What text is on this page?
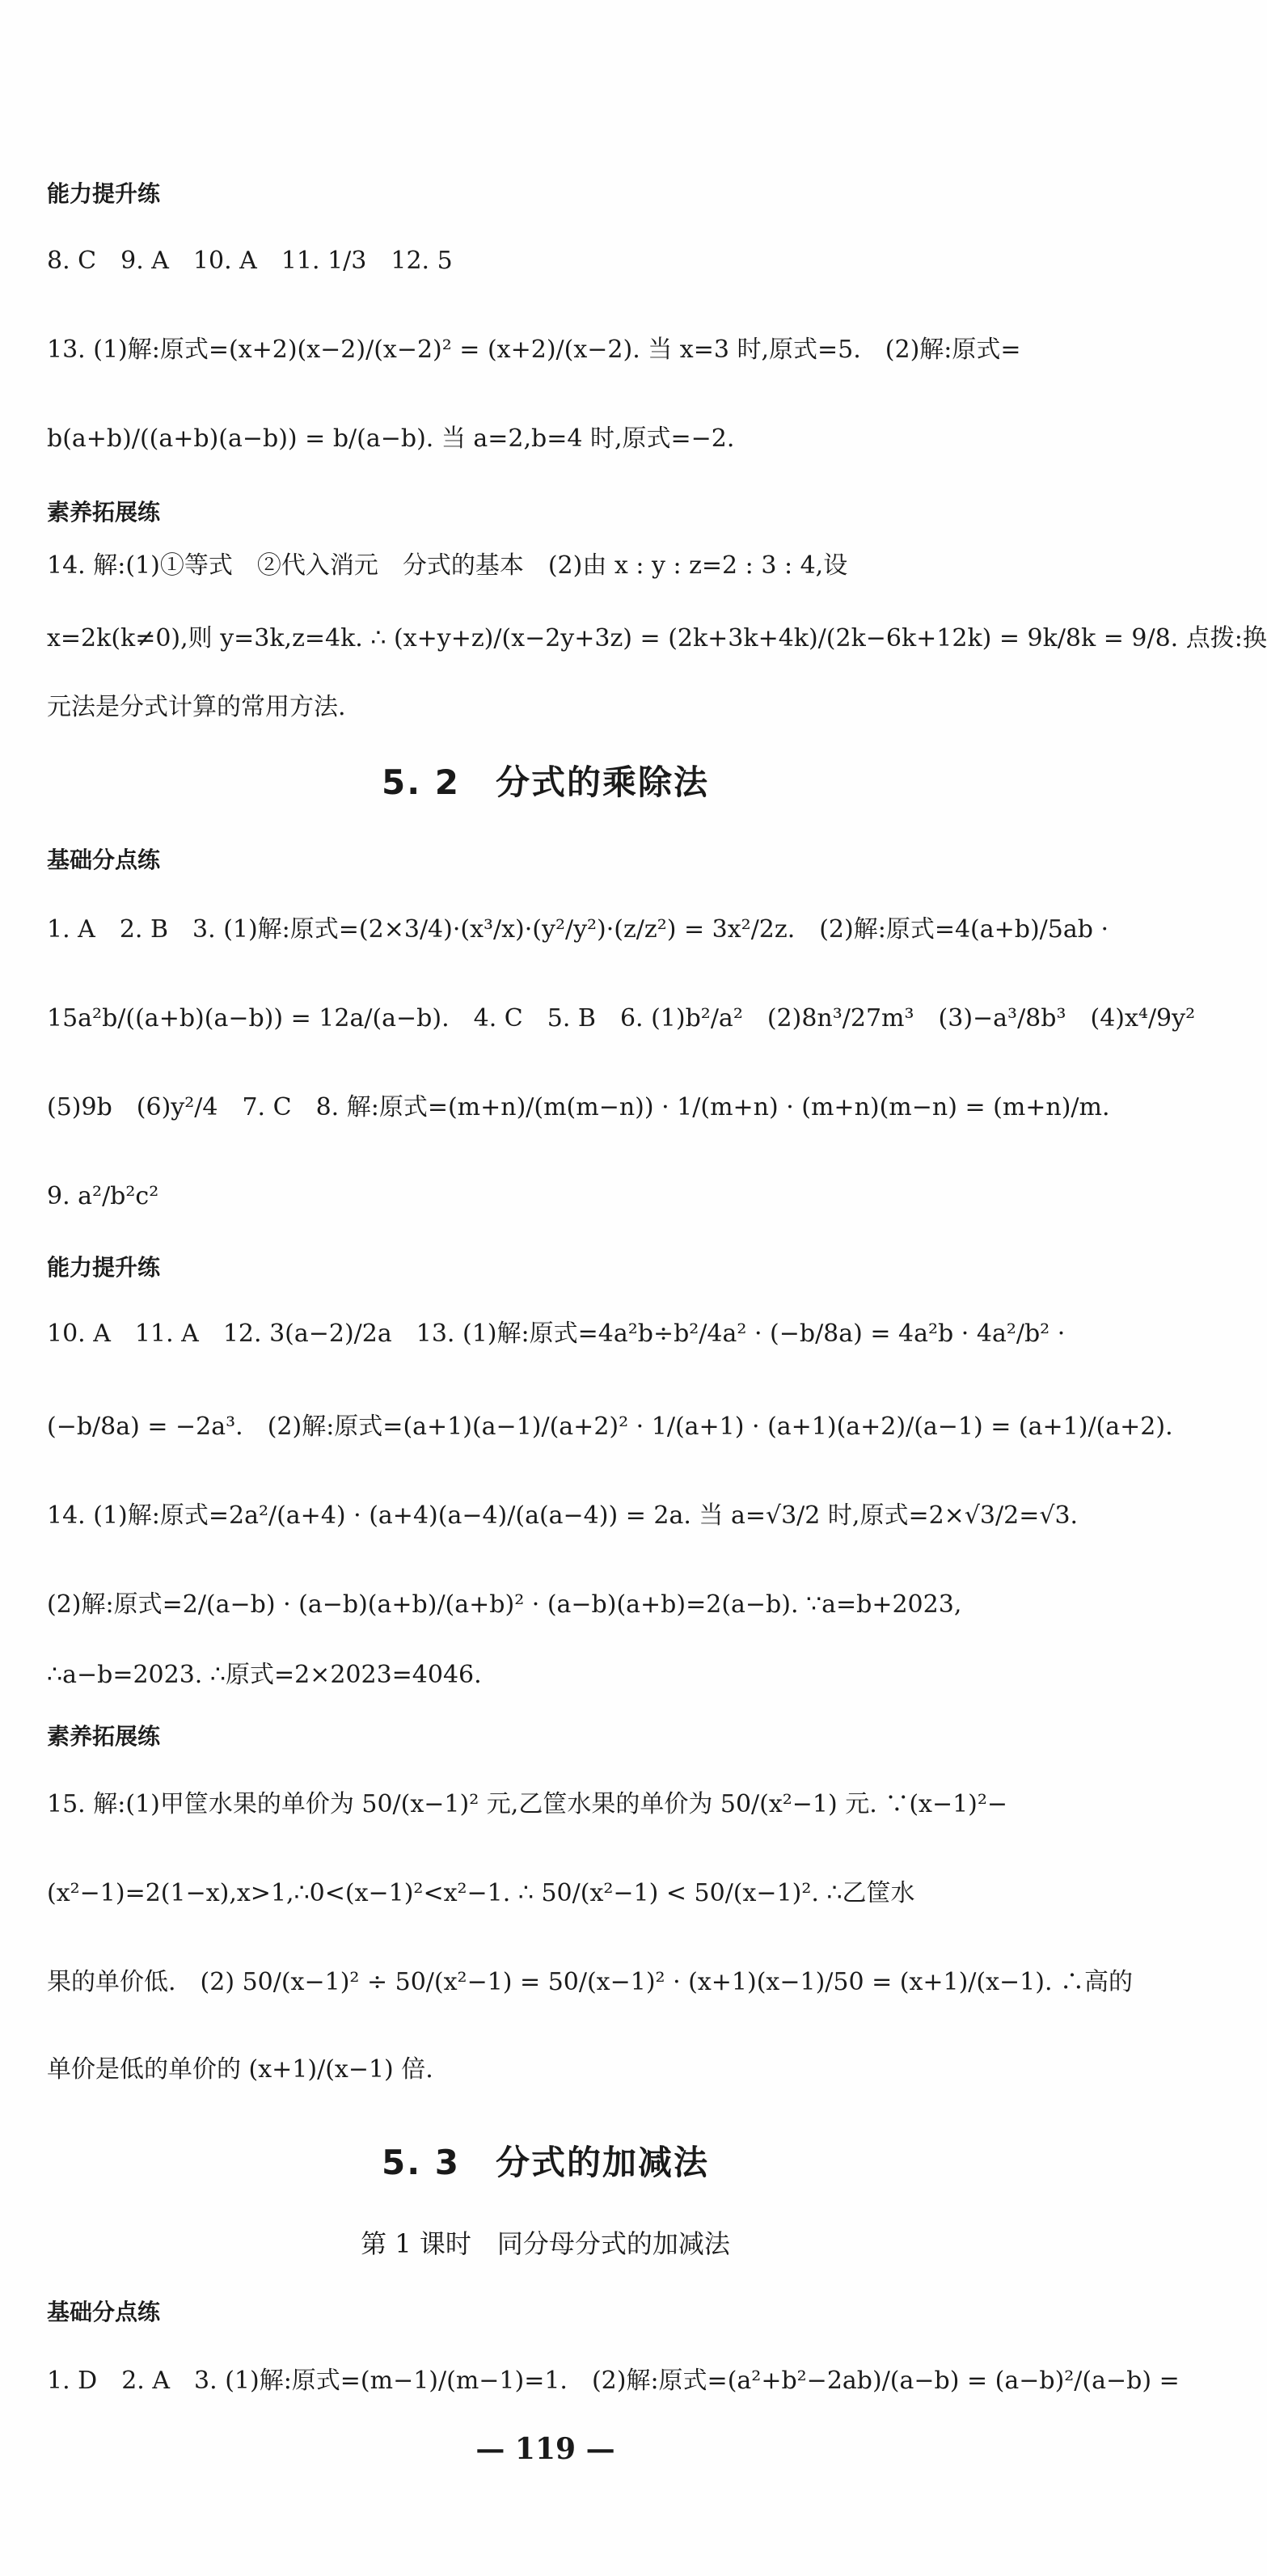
能力提升练
8. C　9. A　10. A　11. 1/3　12. 5
13. (1)解:原式=(x+2)(x−2)/(x−2)² = (x+2)/(x−2). 当 x=3 时,原式=5.　(2)解:原式=
b(a+b)/((a+b)(a−b)) = b/(a−b). 当 a=2,b=4 时,原式=−2.
素养拓展练
14. 解:(1)①等式　②代入消元　分式的基本　(2)由 x : y : z=2 : 3 : 4,设
x=2k(k≠0),则 y=3k,z=4k. ∴ (x+y+z)/(x−2y+3z) = (2k+3k+4k)/(2k−6k+12k) = 9k/8k = 9/8. 点拨:换
元法是分式计算的常用方法.
5. 2　分式的乘除法
基础分点练
1. A　2. B　3. (1)解:原式=(2×3/4)·(x³/x)·(y²/y²)·(z/z²) = 3x²/2z.　(2)解:原式=4(a+b)/5ab ·
15a²b/((a+b)(a−b)) = 12a/(a−b).　4. C　5. B　6. (1)b²/a²　(2)8n³/27m³　(3)−a³/8b³　(4)x⁴/9y²
(5)9b　(6)y²/4　7. C　8. 解:原式=(m+n)/(m(m−n)) · 1/(m+n) · (m+n)(m−n) = (m+n)/m.
9. a²/b²c²
能力提升练
10. A　11. A　12. 3(a−2)/2a　13. (1)解:原式=4a²b÷b²/4a² · (−b/8a) = 4a²b · 4a²/b² ·
(−b/8a) = −2a³.　(2)解:原式=(a+1)(a−1)/(a+2)² · 1/(a+1) · (a+1)(a+2)/(a−1) = (a+1)/(a+2).
14. (1)解:原式=2a²/(a+4) · (a+4)(a−4)/(a(a−4)) = 2a. 当 a=√3/2 时,原式=2×√3/2=√3.
(2)解:原式=2/(a−b) · (a−b)(a+b)/(a+b)² · (a−b)(a+b)=2(a−b). ∵a=b+2023,
∴a−b=2023. ∴原式=2×2023=4046.
素养拓展练
15. 解:(1)甲筐水果的单价为 50/(x−1)² 元,乙筐水果的单价为 50/(x²−1) 元. ∵(x−1)²−
(x²−1)=2(1−x),x>1,∴0<(x−1)²<x²−1. ∴ 50/(x²−1) < 50/(x−1)². ∴乙筐水
果的单价低.　(2) 50/(x−1)² ÷ 50/(x²−1) = 50/(x−1)² · (x+1)(x−1)/50 = (x+1)/(x−1). ∴高的
单价是低的单价的 (x+1)/(x−1) 倍.
5. 3　分式的加减法
第 1 课时　同分母分式的加减法
基础分点练
1. D　2. A　3. (1)解:原式=(m−1)/(m−1)=1.　(2)解:原式=(a²+b²−2ab)/(a−b) = (a−b)²/(a−b) =
— 119 —
